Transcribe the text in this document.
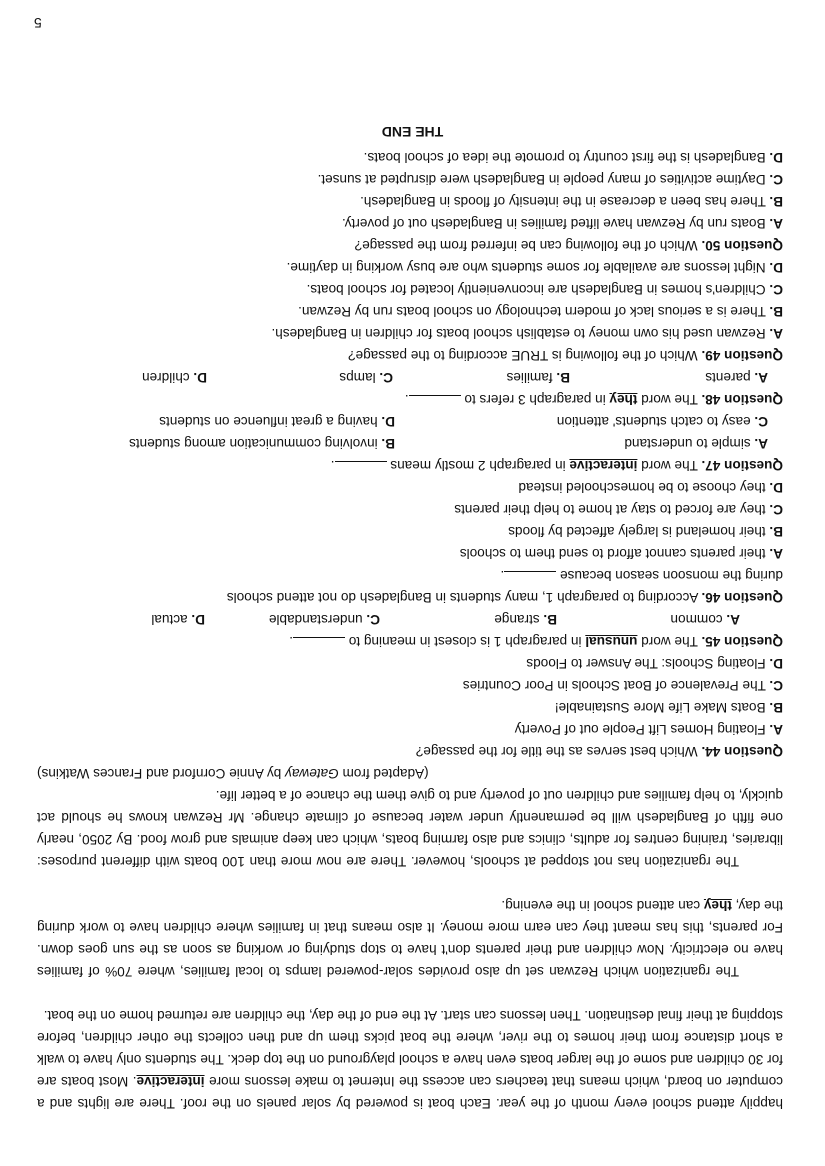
happily attend school every month of the year. Each boat is powered by solar panels on the roof. There are lights and a computer on board, which means that teachers can access the Internet to make lessons more interactive. Most boats are for 30 children and some of the larger boats even have a school playground on the top deck. The students only have to walk a short distance from their homes to the river, where the boat picks them up and then collects the other children, before stopping at their final destination. Then lessons can start. At the end of the day, the children are returned home on the boat.

The rganization which Rezwan set up also provides solar-powered lamps to local families, where 70% of families have no electricity. Now children and their parents don't have to stop studying or working as soon as the sun goes down. For parents, this has meant they can earn more money. It also means that in families where children have to work during the day, they can attend school in the evening.

The rganization has not stopped at schools, however. There are now more than 100 boats with different purposes: libraries, training centres for adults, clinics and also farming boats, which can keep animals and grow food. By 2050, nearly one fifth of Bangladesh will be permanently under water because of climate change. Mr Rezwan knows he should act quickly, to help families and children out of poverty and to give them the chance of a better life.

(Adapted from Gateway by Annie Cornford and Frances Watkins)
Question 44. Which best serves as the title for the passage?
A. Floating Homes Lift People out of Poverty
B. Boats Make Life More Sustainable!
C. The Prevalence of Boat Schools in Poor Countries
D. Floating Schools: The Answer to Floods
Question 45. The word unusual in paragraph 1 is closest in meaning to .
A. common
B. strange
C. understandable
D. actual

Question 46. According to paragraph 1, many students in Bangladesh do not attend schools

during the monsoon season because .
A. their parents cannot afford to send them to schools
B. their homeland is largely affected by floods
C. they are forced to stay at home to help their parents
D. they choose to be homeschooled instead
Question 47. The word interactive in paragraph 2 mostly means .
A. simple to understand
B. involving communication among students
C. easy to catch students' attention
D. having a great influence on students
Question 48. The word they in paragraph 3 refers to .
A. parents
B. families
C. lamps
D. children
Question 49. Which of the following is TRUE according to the passage?
A. Rezwan used his own money to establish school boats for children in Bangladesh.
B. There is a serious lack of modern technology on school boats run by Rezwan.
C. Children's homes in Bangladesh are inconveniently located for school boats.
D. Night lessons are available for some students who are busy working in daytime.
Question 50. Which of the following can be inferred from the passage?
A. Boats run by Rezwan have lifted families in Bangladesh out of poverty.
B. There has been a decrease in the intensity of floods in Bangladesh.
C. Daytime activities of many people in Bangladesh were disrupted at sunset.
D. Bangladesh is the first country to promote the idea of school boats.
THE END
5
